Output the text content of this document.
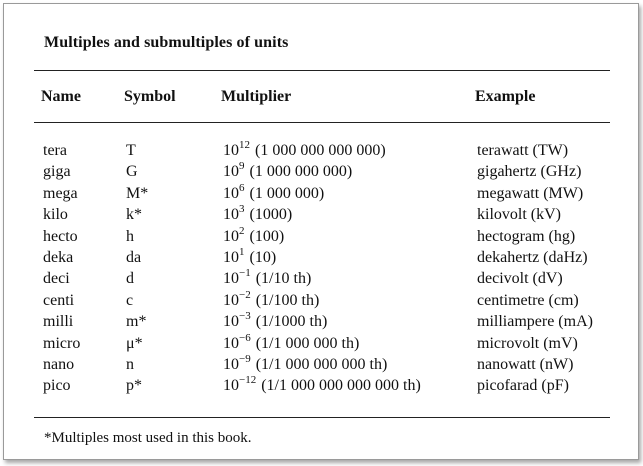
Multiples and submultiples of units
Name	Symbol	Multiplier	Example
tera	T	$10^{12}$ (1 000 000 000 000)	terawatt (TW)
giga	G	$10^9$ (1 000 000 000)	gigahertz (GHz)
mega	M*	$10^6$ (1 000 000)	megawatt (MW)
kilo	k*	$10^3$ (1000)	kilovolt (kV)
hecto	h	$10^2$ (100)	hectogram (hg)
deka	da	$10^1$ (10)	dekahertz (daHz)
deci	d	$10^{-1}$ (1/10 th)	decivolt (dV)
centi	c	$10^{-2}$ (1/100 th)	centimetre (cm)
milli	m*	$10^{-3}$ (1/1000 th)	milliampere (mA)
micro	μ*	$10^{-6}$ (1/1 000 000 th)	microvolt (mV)
nano	n	$10^{-9}$ (1/1 000 000 000 th)	nanowatt (nW)
pico	p*	$10^{-12}$ (1/1 000 000 000 000 th)	picofarad (pF)
*Multiples most used in this book.
